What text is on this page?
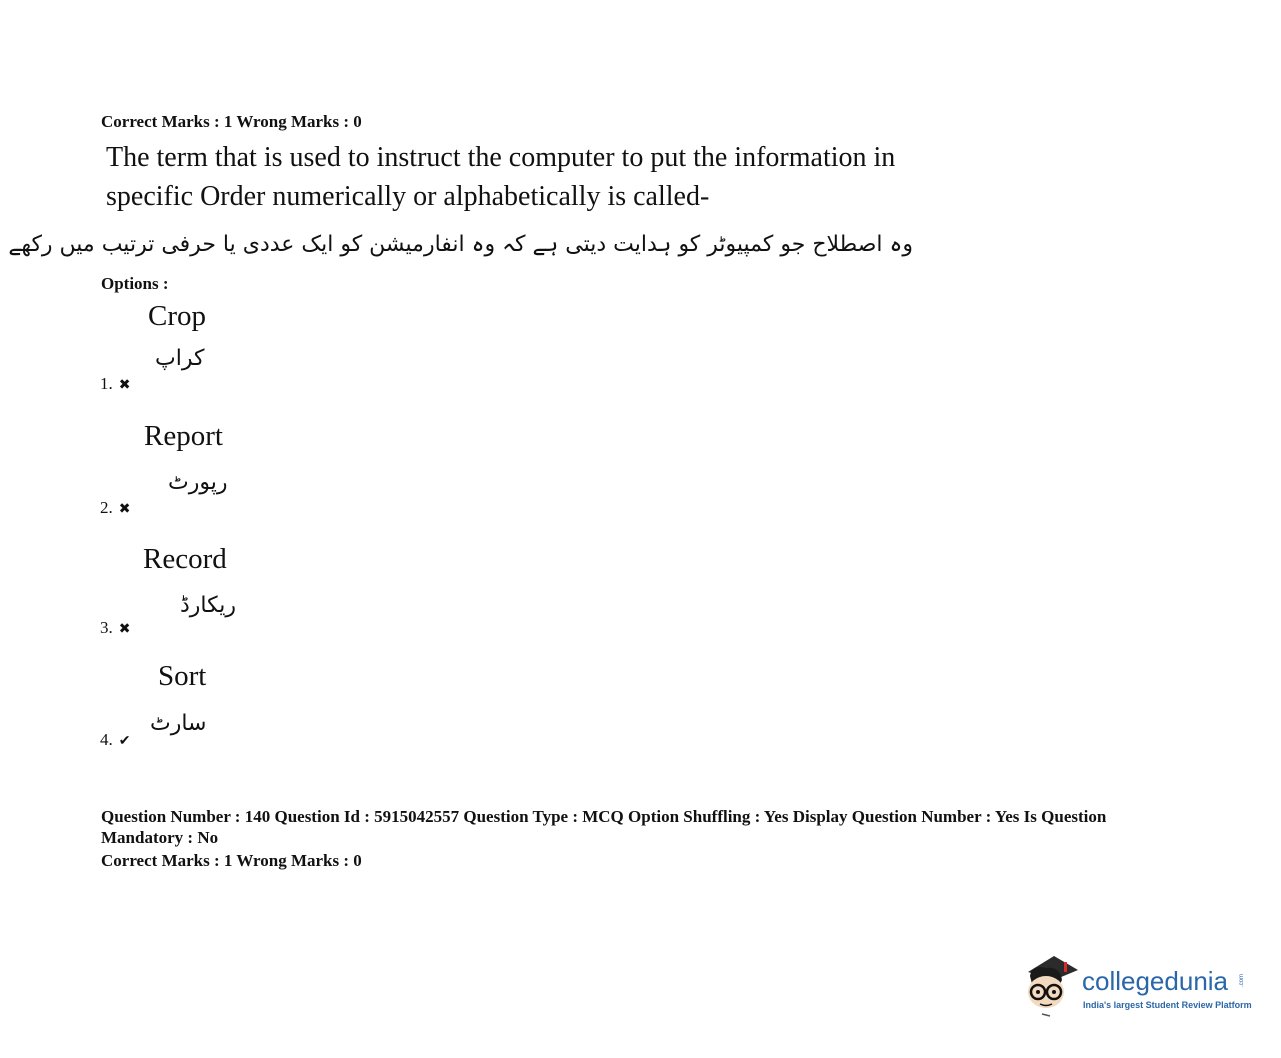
Correct Marks : 1 Wrong Marks : 0
The term that is used to instruct the computer to put the information in
specific Order numerically or alphabetically is called-
وہ اصطلاح جو کمپیوٹر کو ہدایت دیتی ہے کہ وہ انفارمیشن کو ایک عددی یا حرفی ترتیب میں رکھے
Options :
Crop
کراپ
1. ✖
Report
رپورٹ
2. ✖
Record
ریکارڈ
3. ✖
Sort
سارٹ
4. ✔
Question Number : 140 Question Id : 5915042557 Question Type : MCQ Option Shuffling : Yes Display Question Number : Yes Is Question Mandatory : No
Correct Marks : 1 Wrong Marks : 0
collegedunia .com
India's largest Student Review Platform
